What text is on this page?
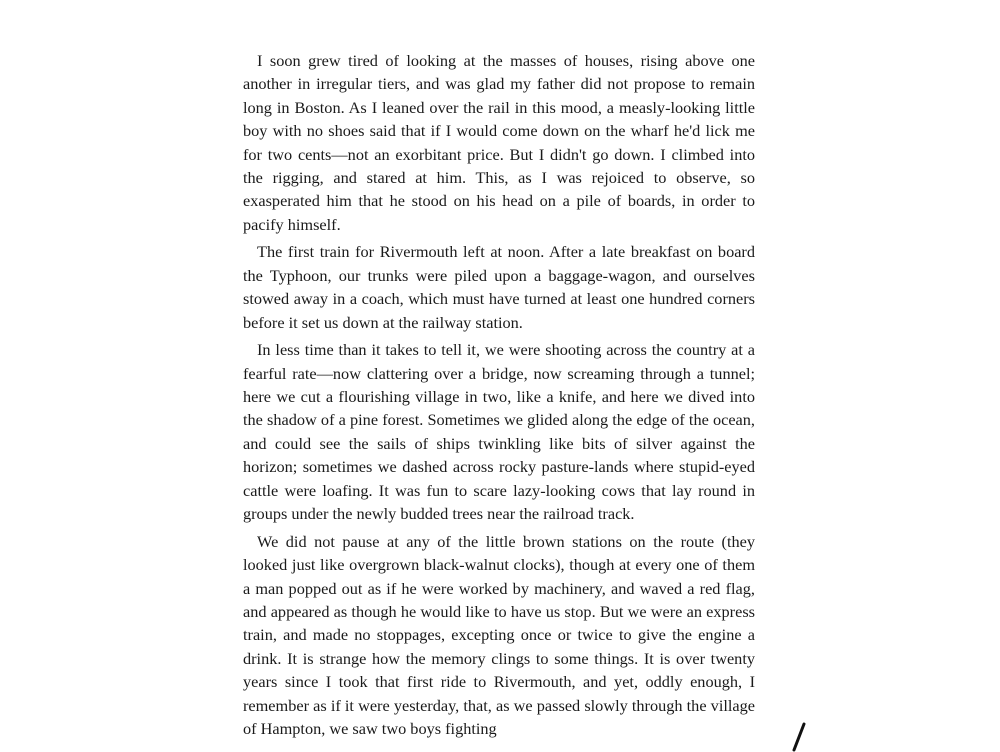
I soon grew tired of looking at the masses of houses, rising above one another in irregular tiers, and was glad my father did not propose to remain long in Boston. As I leaned over the rail in this mood, a measly-looking little boy with no shoes said that if I would come down on the wharf he'd lick me for two cents—not an exorbitant price. But I didn't go down. I climbed into the rigging, and stared at him. This, as I was rejoiced to observe, so exasperated him that he stood on his head on a pile of boards, in order to pacify himself.

The first train for Rivermouth left at noon. After a late breakfast on board the Typhoon, our trunks were piled upon a baggage-wagon, and ourselves stowed away in a coach, which must have turned at least one hundred corners before it set us down at the railway station.

In less time than it takes to tell it, we were shooting across the country at a fearful rate—now clattering over a bridge, now screaming through a tunnel; here we cut a flourishing village in two, like a knife, and here we dived into the shadow of a pine forest. Sometimes we glided along the edge of the ocean, and could see the sails of ships twinkling like bits of silver against the horizon; sometimes we dashed across rocky pasture-lands where stupid-eyed cattle were loafing. It was fun to scare lazy-looking cows that lay round in groups under the newly budded trees near the railroad track.

We did not pause at any of the little brown stations on the route (they looked just like overgrown black-walnut clocks), though at every one of them a man popped out as if he were worked by machinery, and waved a red flag, and appeared as though he would like to have us stop. But we were an express train, and made no stoppages, excepting once or twice to give the engine a drink. It is strange how the memory clings to some things. It is over twenty years since I took that first ride to Rivermouth, and yet, oddly enough, I remember as if it were yesterday, that, as we passed slowly through the village of Hampton, we saw two boys fighting
